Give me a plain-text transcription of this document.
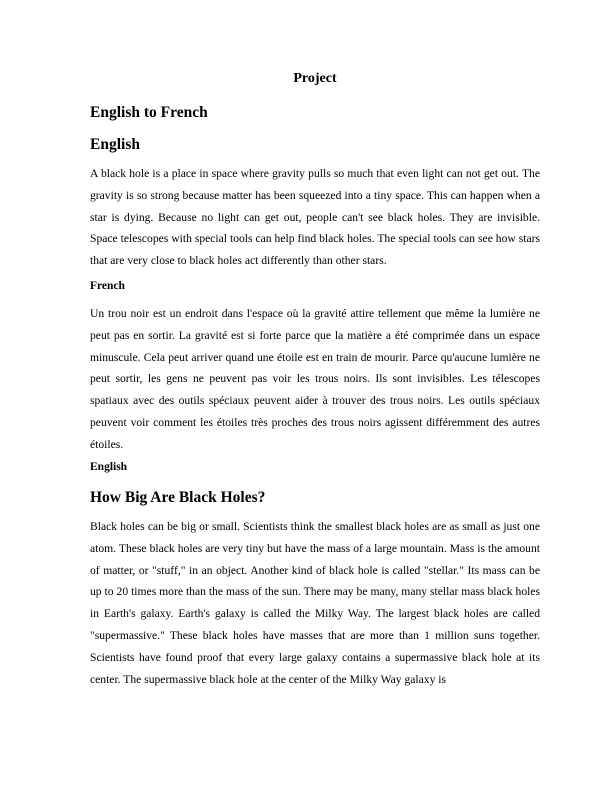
Project

English to French

English

A black hole is a place in space where gravity pulls so much that even light can not get out. The gravity is so strong because matter has been squeezed into a tiny space. This can happen when a star is dying. Because no light can get out, people can't see black holes. They are invisible. Space telescopes with special tools can help find black holes. The special tools can see how stars that are very close to black holes act differently than other stars.

French

Un trou noir est un endroit dans l'espace où la gravité attire tellement que même la lumière ne peut pas en sortir. La gravité est si forte parce que la matière a été comprimée dans un espace minuscule. Cela peut arriver quand une étoile est en train de mourir. Parce qu'aucune lumière ne peut sortir, les gens ne peuvent pas voir les trous noirs. Ils sont invisibles. Les télescopes spatiaux avec des outils spéciaux peuvent aider à trouver des trous noirs. Les outils spéciaux peuvent voir comment les étoiles très proches des trous noirs agissent différemment des autres étoiles.

English

How Big Are Black Holes?

Black holes can be big or small. Scientists think the smallest black holes are as small as just one atom. These black holes are very tiny but have the mass of a large mountain. Mass is the amount of matter, or "stuff," in an object. Another kind of black hole is called "stellar." Its mass can be up to 20 times more than the mass of the sun. There may be many, many stellar mass black holes in Earth's galaxy. Earth's galaxy is called the Milky Way. The largest black holes are called "supermassive." These black holes have masses that are more than 1 million suns together. Scientists have found proof that every large galaxy contains a supermassive black hole at its center. The supermassive black hole at the center of the Milky Way galaxy is
